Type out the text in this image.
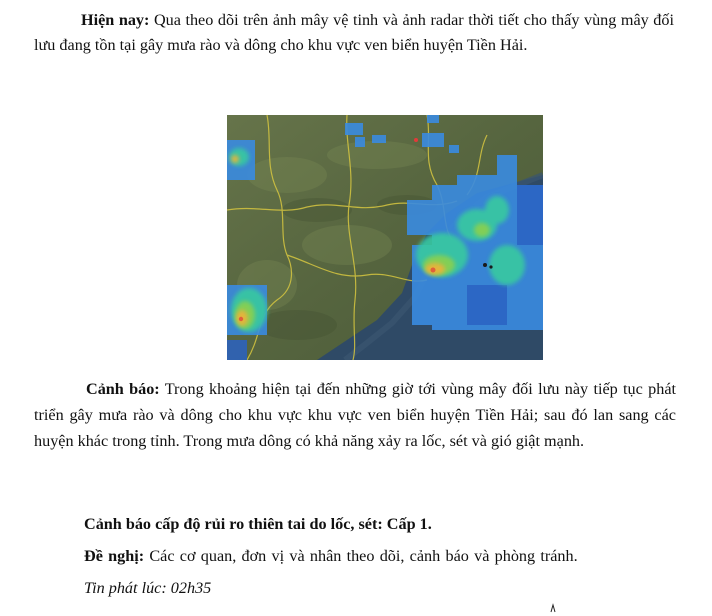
Hiện nay: Qua theo dõi trên ảnh mây vệ tinh và ảnh radar thời tiết cho thấy vùng mây đối lưu đang tồn tại gây mưa rào và dông cho khu vực ven biển huyện Tiền Hải.

Cảnh báo: Trong khoảng hiện tại đến những giờ tới vùng mây đối lưu này tiếp tục phát triển gây mưa rào và dông cho khu vực khu vực ven biển huyện Tiền Hải; sau đó lan sang các huyện khác trong tỉnh. Trong mưa dông có khả năng xảy ra lốc, sét và gió giật mạnh.

Cảnh báo cấp độ rủi ro thiên tai do lốc, sét: Cấp 1.

Đề nghị: Các cơ quan, đơn vị và nhân theo dõi, cảnh báo và phòng tránh.

Tin phát lúc: 02h35
